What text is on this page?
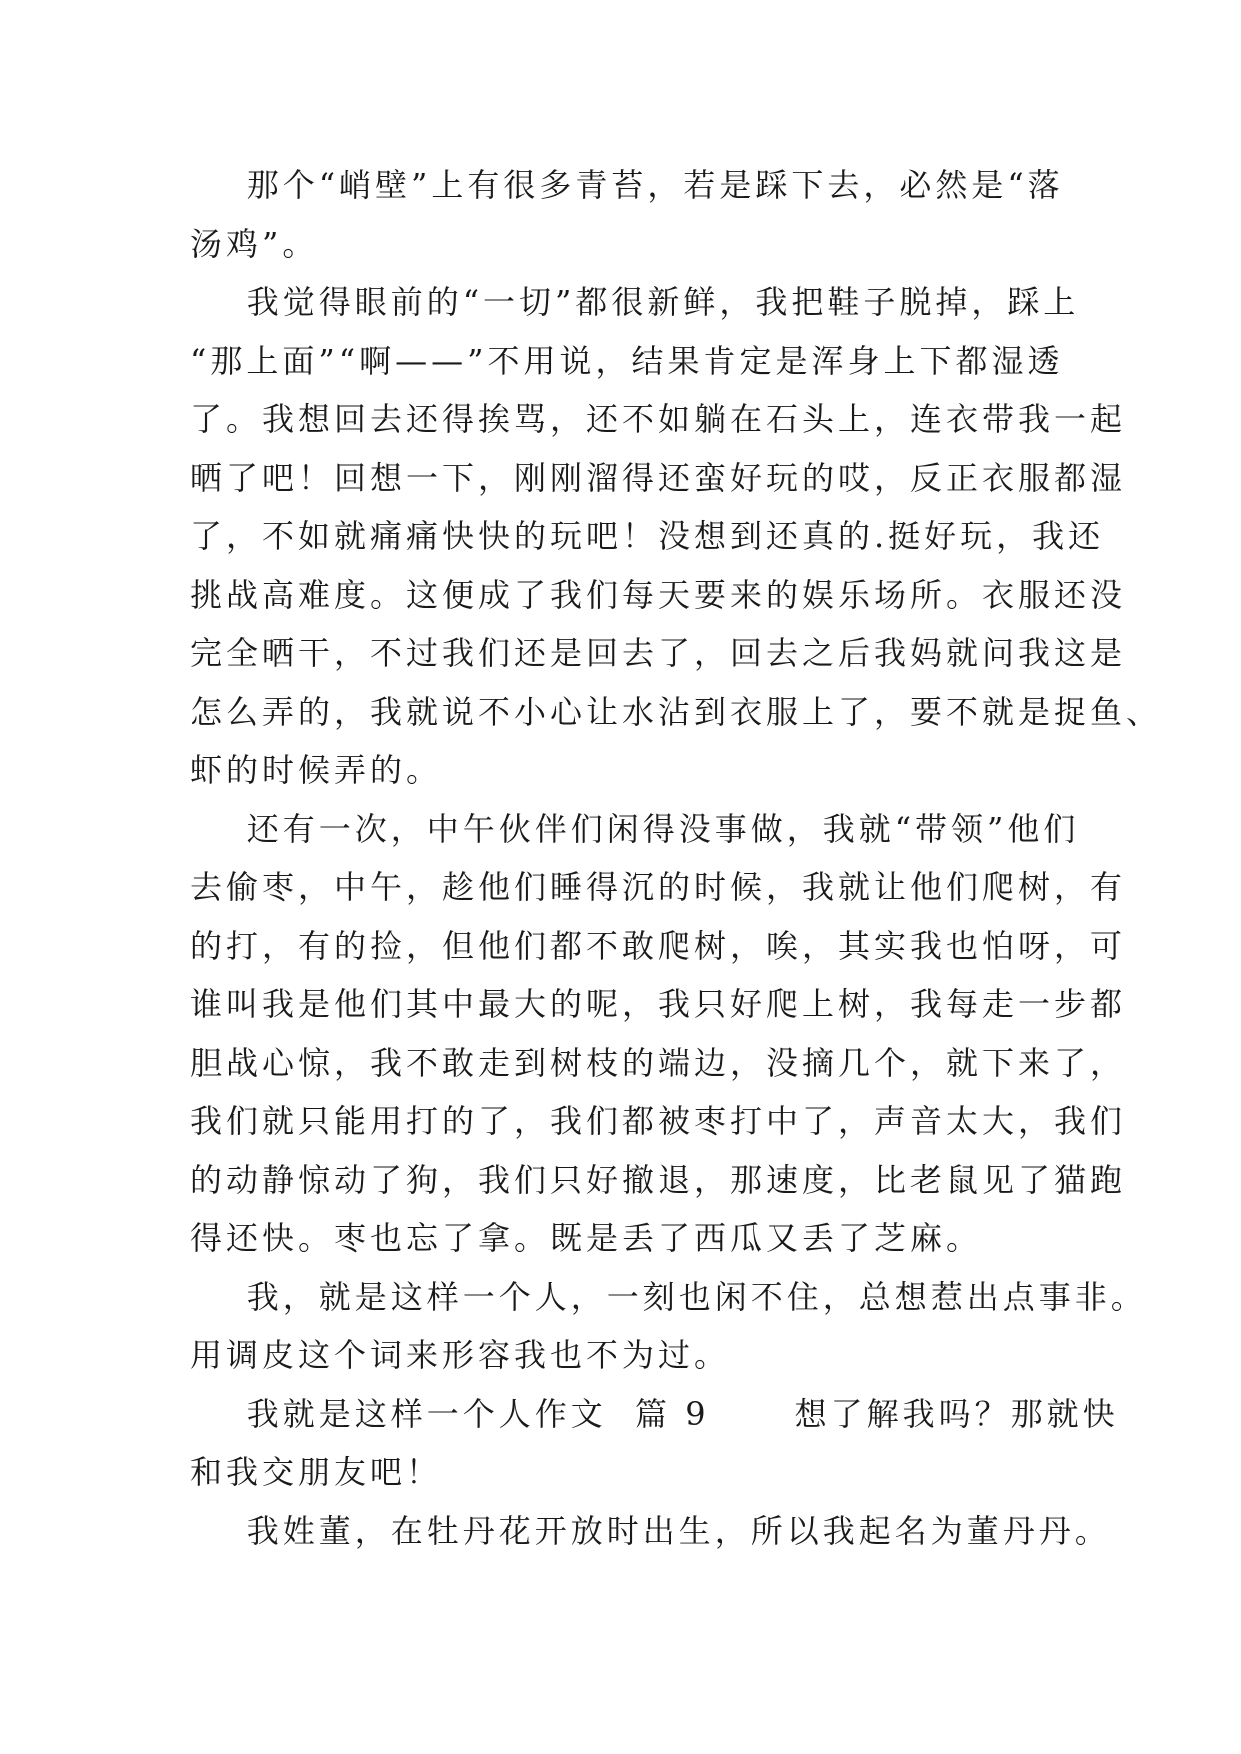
那个“峭壁”上有很多青苔，若是踩下去，必然是“落
汤鸡”。
我觉得眼前的“一切”都很新鲜，我把鞋子脱掉，踩上
“那上面”“啊——”不用说，结果肯定是浑身上下都湿透
了。我想回去还得挨骂，还不如躺在石头上，连衣带我一起
晒了吧！回想一下，刚刚溜得还蛮好玩的哎，反正衣服都湿
了，不如就痛痛快快的玩吧！没想到还真的.挺好玩，我还
挑战高难度。这便成了我们每天要来的娱乐场所。衣服还没
完全晒干，不过我们还是回去了，回去之后我妈就问我这是
怎么弄的，我就说不小心让水沾到衣服上了，要不就是捉鱼、
虾的时候弄的。
还有一次，中午伙伴们闲得没事做，我就“带领”他们
去偷枣，中午，趁他们睡得沉的时候，我就让他们爬树，有
的打，有的捡，但他们都不敢爬树，唉，其实我也怕呀，可
谁叫我是他们其中最大的呢，我只好爬上树，我每走一步都
胆战心惊，我不敢走到树枝的端边，没摘几个，就下来了，
我们就只能用打的了，我们都被枣打中了，声音太大，我们
的动静惊动了狗，我们只好撤退，那速度，比老鼠见了猫跑
得还快。枣也忘了拿。既是丢了西瓜又丢了芝麻。
我，就是这样一个人，一刻也闲不住，总想惹出点事非。
用调皮这个词来形容我也不为过。
我就是这样一个人作文  篇 9      想了解我吗？那就快
和我交朋友吧！
我姓董，在牡丹花开放时出生，所以我起名为董丹丹。
